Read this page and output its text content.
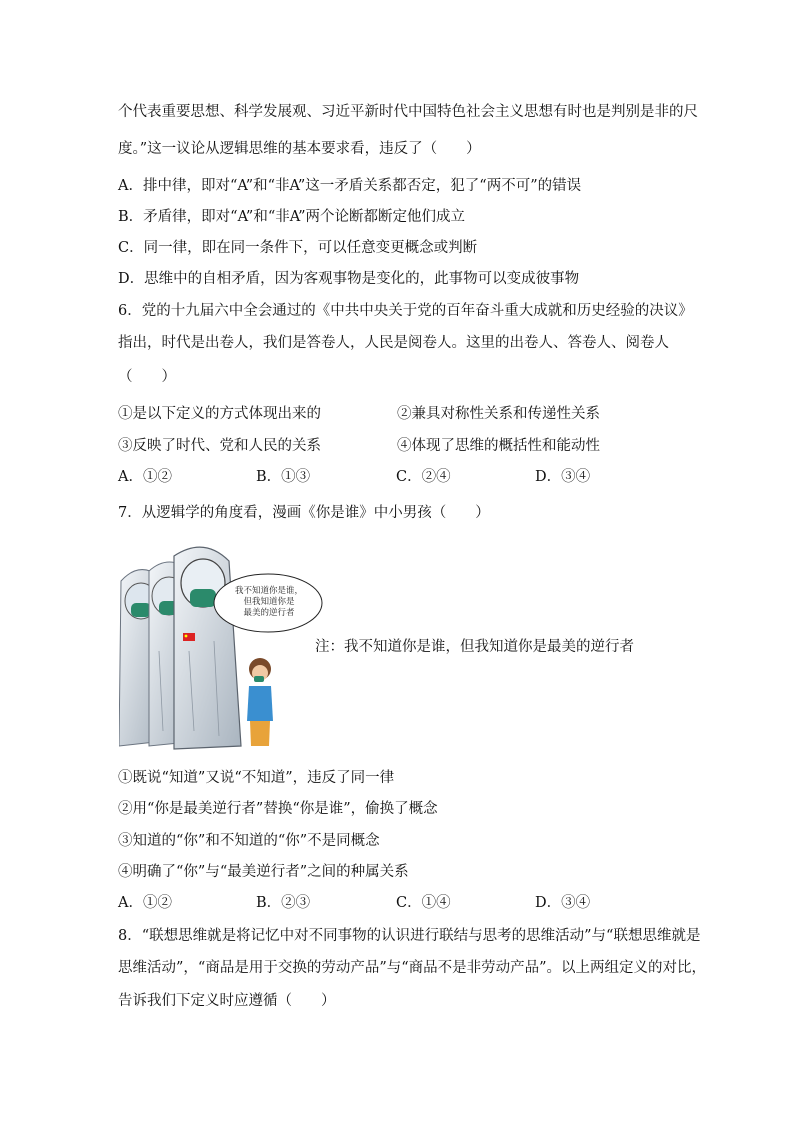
个代表重要思想、科学发展观、习近平新时代中国特色社会主义思想有时也是判别是非的尺
度。”这一议论从逻辑思维的基本要求看，违反了（　　）
A．排中律，即对“A”和“非A”这一矛盾关系都否定，犯了“两不可”的错误
B．矛盾律，即对“A”和“非A”两个论断都断定他们成立
C．同一律，即在同一条件下，可以任意变更概念或判断
D．思维中的自相矛盾，因为客观事物是变化的，此事物可以变成彼事物
6．党的十九届六中全会通过的《中共中央关于党的百年奋斗重大成就和历史经验的决议》
指出，时代是出卷人，我们是答卷人，人民是阅卷人。这里的出卷人、答卷人、阅卷人
（　　）
①是以下定义的方式体现出来的	②兼具对称性关系和传递性关系
③反映了时代、党和人民的关系	④体现了思维的概括性和能动性
A．①②	B．①③	C．②④	D．③④
7．从逻辑学的角度看，漫画《你是谁》中小男孩（　　）
我不知道你是谁，
但我知道你是
最美的逆行者
注：我不知道你是谁，但我知道你是最美的逆行者
①既说“知道”又说“不知道”，违反了同一律
②用“你是最美逆行者”替换“你是谁”，偷换了概念
③知道的“你”和不知道的“你”不是同概念
④明确了“你”与“最美逆行者”之间的种属关系
A．①②	B．②③	C．①④	D．③④
8．“联想思维就是将记忆中对不同事物的认识进行联结与思考的思维活动”与“联想思维就是
思维活动”，“商品是用于交换的劳动产品”与“商品不是非劳动产品”。以上两组定义的对比，
告诉我们下定义时应遵循（　　）
